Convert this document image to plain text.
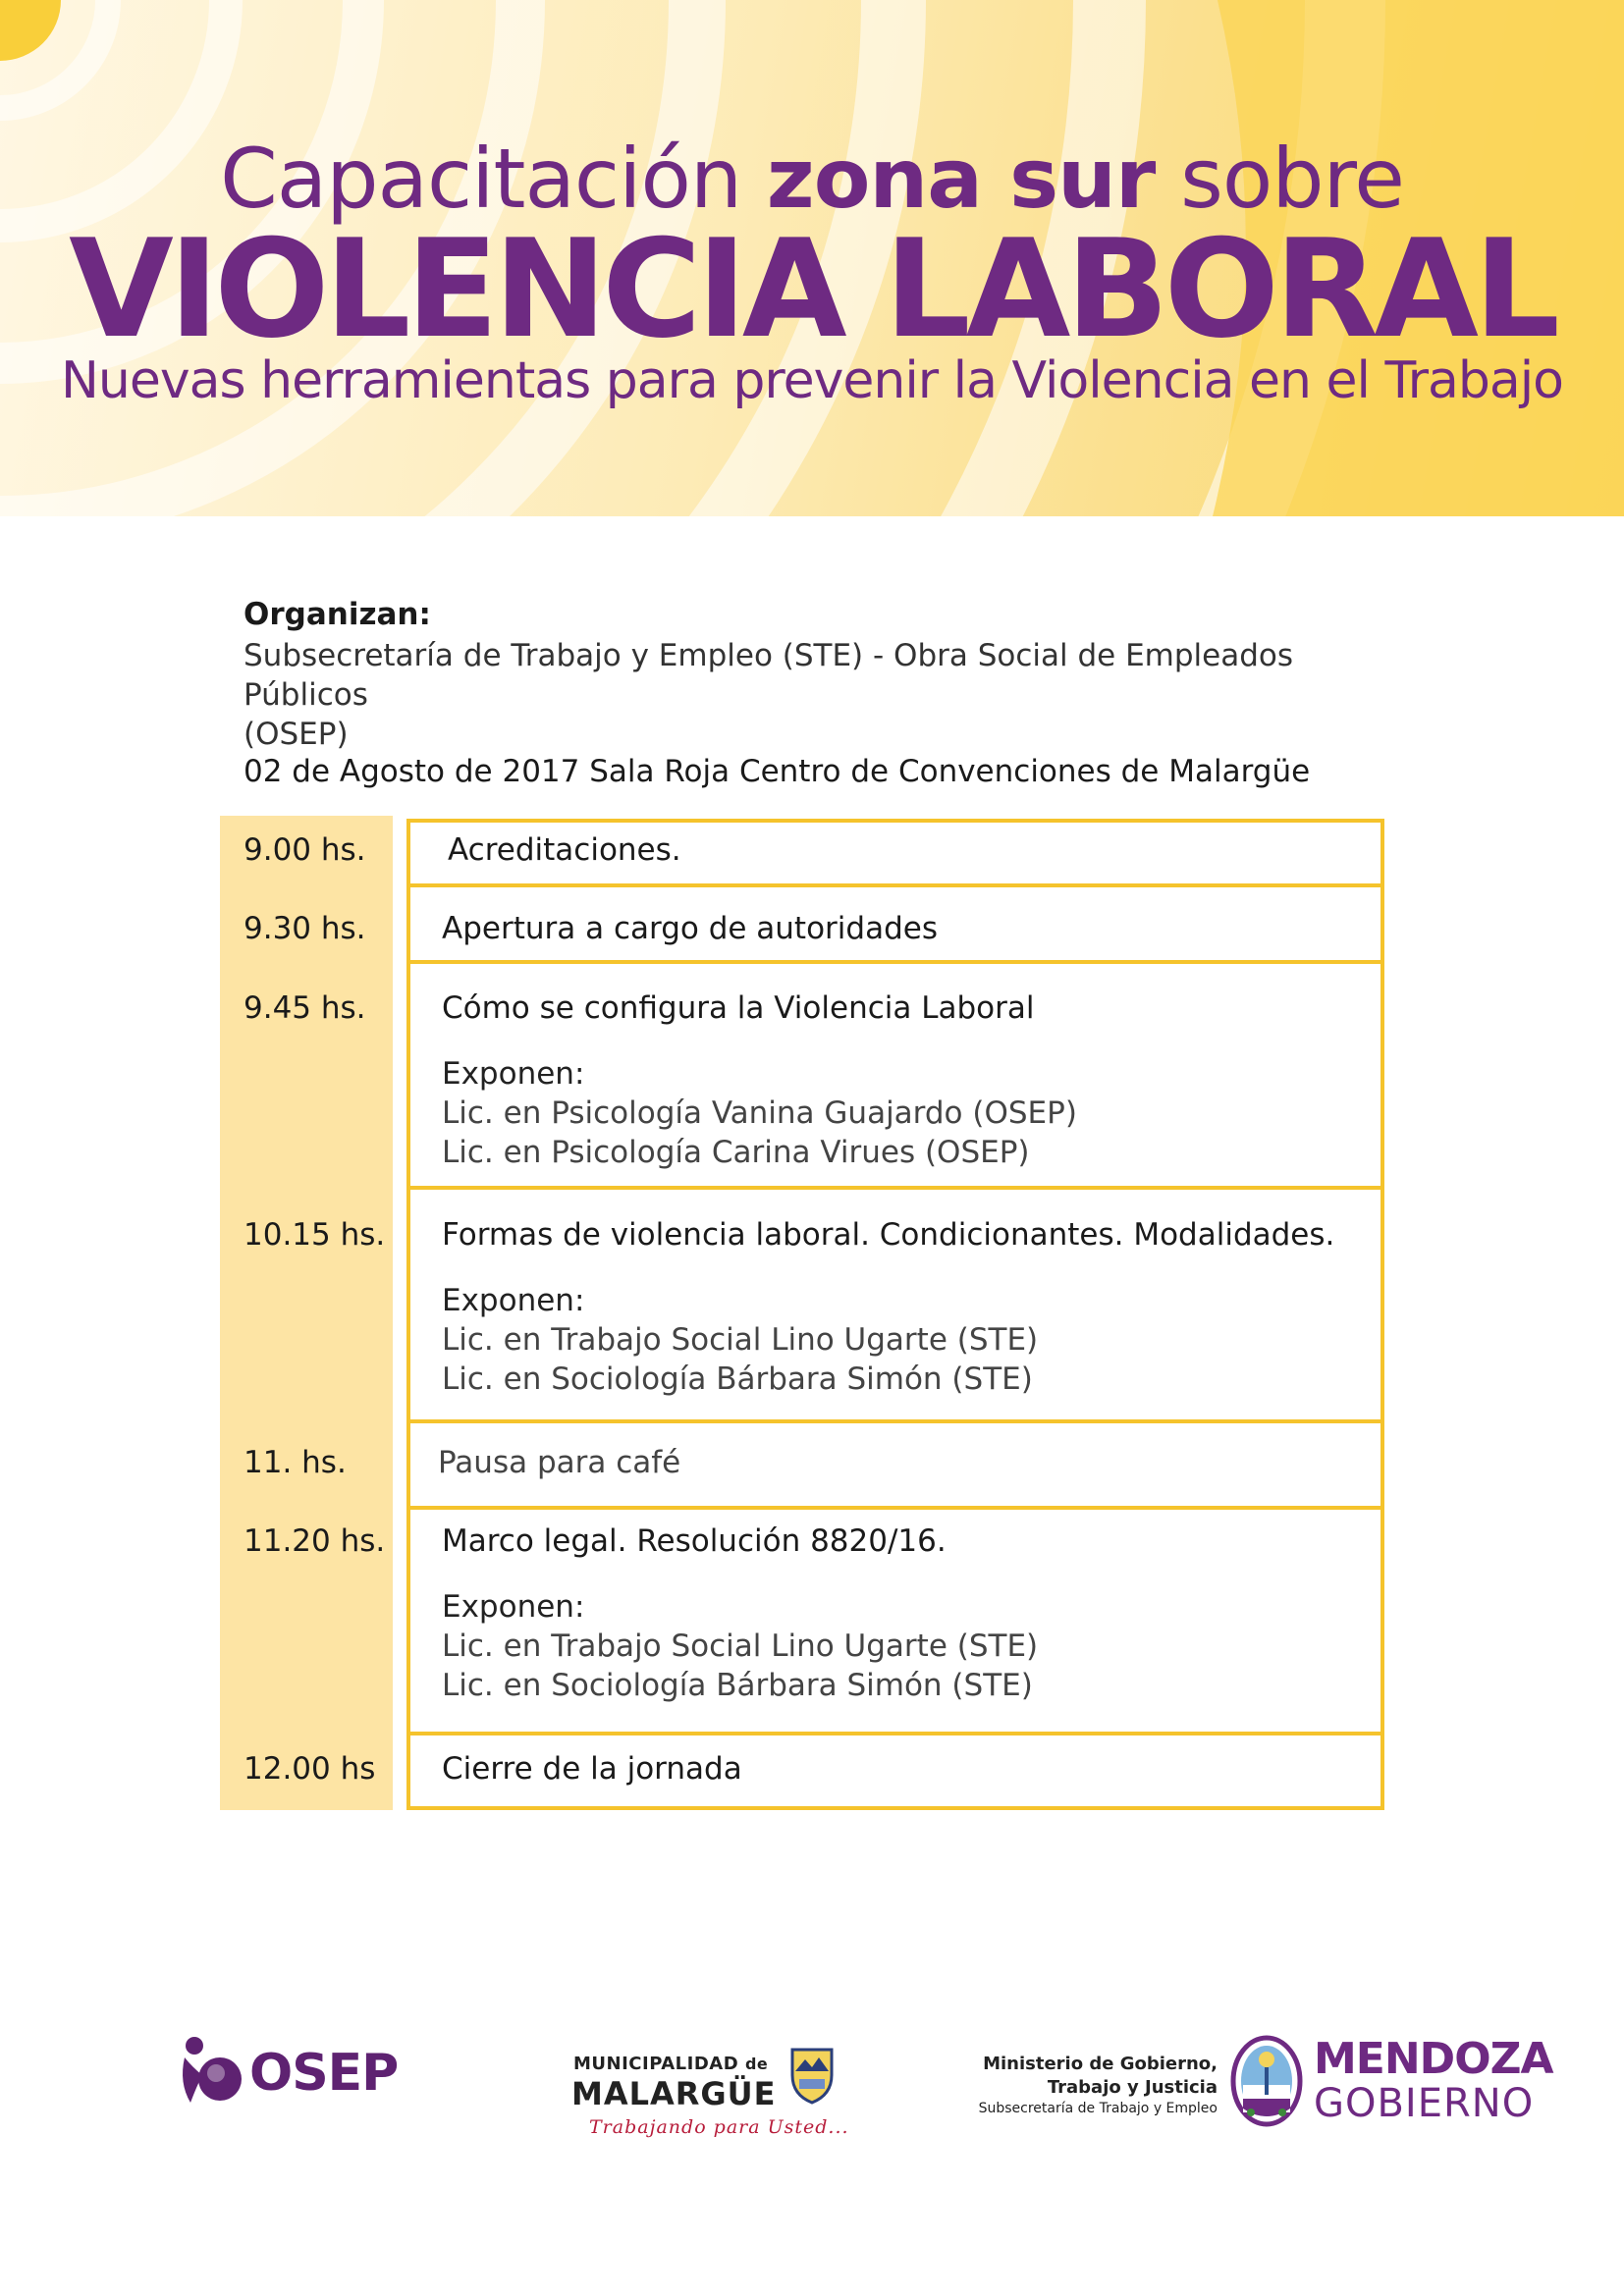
Capacitación zona sur sobre
VIOLENCIA LABORAL
Nuevas herramientas para prevenir la Violencia en el Trabajo
Organizan:
Subsecretaría de Trabajo y Empleo (STE) - Obra Social de Empleados Públicos
(OSEP)
02 de Agosto de 2017 Sala Roja Centro de Convenciones de Malargüe
9.00 hs.	Acreditaciones.
9.30 hs. Apertura a cargo de autoridades
9.45 hs. Cómo se configura la Violencia Laboral
Exponen:
Lic. en Psicología Vanina Guajardo (OSEP)
Lic. en Psicología Carina Virues (OSEP)
10.15 hs. Formas de violencia laboral. Condicionantes. Modalidades.
Exponen:
Lic. en Trabajo Social Lino Ugarte (STE)
Lic. en Sociología Bárbara Simón (STE)
11. hs.	Pausa para café
11.20 hs. Marco legal. Resolución 8820/16.
Exponen:
Lic. en Trabajo Social Lino Ugarte (STE)
Lic. en Sociología Bárbara Simón (STE)
12.00 hs Cierre de la jornada
OSEP	MUNICIPALIDAD de
MALARGÜE
Trabajando para Usted...
Ministerio de Gobierno,
Trabajo y Justicia
Subsecretaría de Trabajo y Empleo
MENDOZA
GOBIERNO
